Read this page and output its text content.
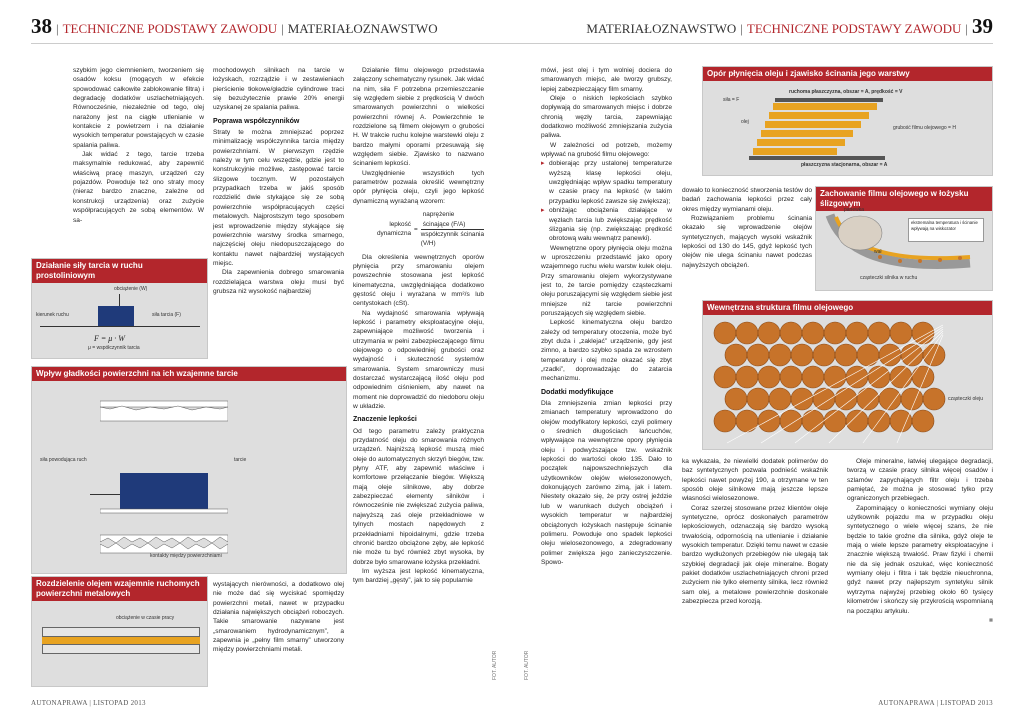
38 | TECHNICZNE PODSTAWY ZAWODU | MATERIAŁOZNAWSTWO	MATERIAŁOZNAWSTWO | TECHNICZNE PODSTAWY ZAWODU | 39

szybkim jego ciemnieniem, tworzeniem się osadów koksu (mogących w efekcie spowodować całkowite zablokowanie filtra) i degradację dodatków uszlachetniających. Równocześnie, niezależnie od tego, olej narażony jest na ciągłe utlenianie w kontakcie z powietrzem i na działanie wysokich temperatur powstających w czasie spalania paliwa.

Jak widać z tego, tarcie trzeba maksymalnie redukować, aby zapewnić właściwą pracę maszyn, urządzeń czy pojazdów. Powoduje też ono straty mocy (nieraz bardzo znaczne, zależne od konstrukcji urządzenia) oraz zużycie współpracujących ze sobą elementów. W sa-

Działanie siły tarcia w ruchu prostoliniowym
obciążenie (W)
kierunek ruchu	siła tarcia (F)
F = μ · W
μ = współczynnik tarcia
Wpływ gładkości powierzchni na ich wzajemne tarcie
siła powodująca ruch	tarcie
kontakty między powierzchniami
Rozdzielenie olejem wzajemnie ruchomych powierzchni metalowych
obciążenie w czasie pracy

mochodowych silnikach na tarcie w łożyskach, rozrządzie i w zestawieniach pierścienie tłokowe/gładzie cylindrowe traci się bezużytecznie prawie 20% energii uzyskanej ze spalania paliwa.

Poprawa współczynników

Straty te można zmniejszać poprzez minimalizację współczynnika tarcia między powierzchniami. W pierwszym rzędzie należy w tym celu wszędzie, gdzie jest to konstrukcyjnie możliwe, zastępować tarcie ślizgowe tocznym. W pozostałych przypadkach trzeba w jakiś sposób rozdzielić dwie stykające się ze sobą powierzchnie współpracujących części metalowych. Najprostszym tego sposobem jest wprowadzenie między stykające się powierzchnie warstwy środka smarnego, najczęściej oleju niedopuszczającego do kontaktu nawet najbardziej wystających miejsc.

Dla zapewnienia dobrego smarowania rozdzielająca warstwa oleju musi być grubsza niż wysokość najbardziej

wystających nierówności, a dodatkowo olej nie może dać się wyciskać spomiędzy powierzchni metali, nawet w przypadku działania największych obciążeń roboczych. Takie smarowanie nazywane jest „smarowaniem hydrodynamicznym”, a zapewnia je „pełny film smarny” utworzony między powierzchniami metali.

Działanie filmu olejowego przedstawia załączony schematyczny rysunek. Jak widać na nim, siła F potrzebna przemieszczanie się względem siebie z prędkością V dwóch smarowanych powierzchni o wielkości powierzchni równej A. Powierzchnie te rozdzielone są filmem olejowym o grubości H. W trakcie ruchu kolejne warstewki oleju z bardzo małymi oporami przesuwają się względem siebie. Zjawisko to nazwano ścinaniem lepkości.

Uwzględnienie wszystkich tych parametrów pozwala określić wewnętrzny opór płynięcia oleju, czyli jego lepkość dynamiczną wyrażaną wzorem:

lepkość dynamiczna
= $\frac{\text{naprężenie ścinające (F/A)}}{\text{współczynnik ścinania (V/H)}}$

Dla określenia wewnętrznych oporów płynięcia przy smarowaniu olejem powszechnie stosowana jest lepkość kinematyczna, uwzględniająca dodatkowo gęstość oleju i wyrażana w mm²/s lub centystokach (cSt).

Na wydajność smarowania wpływają lepkość i parametry eksploatacyjne oleju, zapewniające możliwość tworzenia i utrzymania w pełni zabezpieczającego filmu olejowego o odpowiedniej grubości oraz wydajność i skuteczność systemów smarowania. System smarowniczy musi dostarczać wystarczającą ilość oleju pod odpowiednim ciśnieniem, aby nawet na moment nie doprowadzić do niedoboru oleju w układzie.

Znaczenie lepkości

Od tego parametru zależy praktyczna przydatność oleju do smarowania różnych urządzeń. Najniższą lepkość muszą mieć oleje do automatycznych skrzyń biegów, tzw. płyny ATF, aby zapewnić właściwe i komfortowe przełączanie biegów. Większą mają oleje silnikowe, aby dobrze zabezpieczać elementy silników i równocześnie nie zwiększać zużycia paliwa, najwyższą zaś oleje przekładniowe w tylnych mostach napędowych z przekładniami hipoidalnymi, gdzie trzeba chronić bardzo obciążone zęby, ale lepkość nie może tu być również zbyt wysoka, by dobrze było smarowane łożyska przekładni.

Im wyższa jest lepkość kinematyczna, tym bardziej „gęsty”, jak to się popularnie

FOT. AUTOR	FOT. AUTOR

mówi, jest olej i tym wolniej dociera do smarowanych miejsc, ale tworzy grubszy, lepiej zabezpieczający film smarny.

Oleje o niskich lepkościach szybko dopływają do smarowanych miejsc i dobrze chronią węzły tarcia, zapewniając dodatkowo możliwość zmniejszania zużycia paliwa.

W zależności od potrzeb, możemy wpływać na grubość filmu olejowego:

▸ dobierając przy ustalonej temperaturze wyższą klasę lepkości oleju, uwzględniając wpływ spadku temperatury w czasie pracy na lepkość (w takim przypadku lepkość zawsze się zwiększa);
▸ obniżając obciążenia działające w węzłach tarcia lub zwiększając prędkość ślizgania się (np. zwiększając prędkość obrotową wału wewnątrz panewki).

Wewnętrzne opory płynięcia oleju można w uproszczeniu przedstawić jako opory wzajemnego ruchu wielu warstw kulek oleju. Przy smarowaniu olejem wykorzystywane jest to, że tarcie pomiędzy cząsteczkami oleju poruszającymi się względem siebie jest mniejsze niż tarcie powierzchni poruszających się względem siebie.

Lepkość kinematyczna oleju bardzo zależy od temperatury otoczenia, może być zbyt duża i „zaklejać” urządzenie, gdy jest zimno, a bardzo szybko spada ze wzrostem temperatury i olej może okazać się zbyt „rzadki”, doprowadzając do zatarcia mechanizmu.

Dodatki modyfikujące

Dla zmniejszenia zmian lepkości przy zmianach temperatury wprowadzono do olejów modyfikatory lepkości, czyli polimery o średnich długościach łańcuchów, wpływające na wewnętrzne opory płynięcia oleju i podwyższające tzw. wskaźnik lepkości do wartości około 135. Dało to początek najpowszechniejszych dla użytkowników olejów wielosezonowych, dokonujących zarówno zimą, jak i latem. Niestety okazało się, że przy ostrej jeździe lub w warunkach dużych obciążeń i wysokich temperatur w najbardziej obciążonych łożyskach następuje ścinanie polimeru. Powoduje ono spadek lepkości oleju wielosezonowego, a zdegradowany polimer zwiększa jego zanieczyszczenie. Spowo-

Opór płynięcia oleju i zjawisko ścinania jego warstwy
ruchoma płaszczyzna, obszar = A, prędkość = V
siła = F
olej
grubość filmu olejowego = H
płaszczyzna stacjonarna, obszar = A

dowało to konieczność stworzenia testów do badań zachowania lepkości przez cały okres między wymianami oleju.

Rozwiązaniem problemu ścinania okazało się wprowadzenie olejów syntetycznych, mających wysoki wskaźnik lepkości od 130 do 145, gdyż lepkość tych olejów nie ulega ścinaniu nawet podczas najwyższych obciążeń.

Zachowanie filmu olejowego w łożysku ślizgowym
panewka
wał
ekstremalna temperatura i ścinanie wpływają na wiskozator
cząsteczki silnika w ruchu
Wewnętrzna struktura filmu olejowego
cząsteczki oleju

ka wykazała, że niewielki dodatek polimerów do baz syntetycznych pozwala podnieść wskaźnik lepkości nawet powyżej 190, a otrzymane w ten sposób oleje silnikowe mają jeszcze lepsze własności wielosezonowe.

Coraz szerzej stosowane przez klientów oleje syntetyczne, oprócz doskonałych parametrów lepkościowych, odznaczają się bardzo wysoką trwałością, odpornością na utlenianie i działanie wysokich temperatur. Dzięki temu nawet w czasie bardzo wydłużonych przebiegów nie ulegają tak szybkiej degradacji jak oleje mineralne. Bogaty pakiet dodatków uszlachetniających chroni przed zużyciem nie tylko elementy silnika, lecz również sam olej, a metalowe powierzchnie doskonale zabezpiecza przed korozją.

Oleje mineralne, łatwiej ulegające degradacji, tworzą w czasie pracy silnika więcej osadów i szlamów zapychających filtr oleju i trzeba pamiętać, że można je stosować tylko przy ograniczonych przebiegach.

Zapominający o konieczności wymiany oleju użytkownik pojazdu ma w przypadku oleju syntetycznego o wiele więcej szans, że nie będzie to takie groźne dla silnika, gdyż oleje te mają o wiele lepsze parametry eksploatacyjne i znacznie większą trwałość. Praw fizyki i chemii nie da się jednak oszukać, więc konieczność wymiany oleju i filtra i tak będzie nieuchronna, gdyż nawet przy najlepszym syntetyku silnik wytrzyma najwyżej przebieg około 60 tysięcy kilometrów i skończy się przykrością wspomnianą na początku artykułu.

■
AUTONAPRAWA | LISTOPAD 2013	AUTONAPRAWA | LISTOPAD 2013
